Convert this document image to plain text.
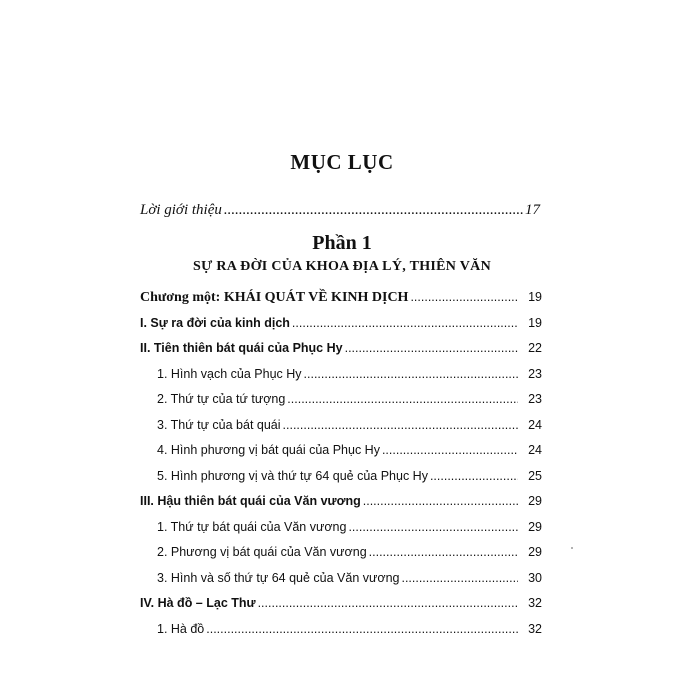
MỤC LỤC
Lời giới thiệu .....	17
Phần 1
SỰ RA ĐỜI CỦA KHOA ĐỊA LÝ, THIÊN VĂN
Chương một: KHÁI QUÁT VỀ KINH DỊCH .....	19
I. Sự ra đời của kinh dịch .....	19
II. Tiên thiên bát quái của Phục Hy .....	22
1. Hình vạch của Phục Hy .....	23
2. Thứ tự của tứ tượng .....	23
3. Thứ tự của bát quái .....	24
4. Hình phương vị bát quái của Phục Hy .....	24
5. Hình phương vị và thứ tự 64 quẻ của Phục Hy .....	25
III. Hậu thiên bát quái của Văn vương .....	29
1. Thứ tự bát quái của Văn vương .....	29
2. Phương vị bát quái của Văn vương .....	29
3. Hình và số thứ tự 64 quẻ của Văn vương .....	30
IV. Hà đồ – Lạc Thư .....	32
1. Hà đồ .....	32
